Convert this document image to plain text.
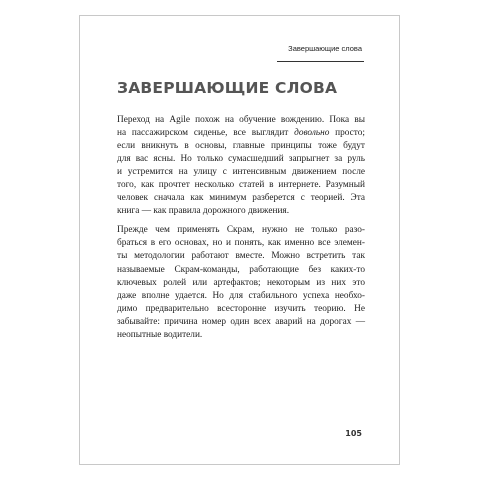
Завершающие слова
ЗАВЕРШАЮЩИЕ СЛОВА
Переход на Agile похож на обучение вождению. Пока вы
на пассажирском сиденье, все выглядит довольно просто;
если вникнуть в основы, главные принципы тоже будут
для вас ясны. Но только сумасшедший запрыгнет за руль
и устремится на улицу с интенсивным движением после
того, как прочтет несколько статей в интернете. Разумный
человек сначала как минимум разберется с теорией. Эта
книга — как правила дорожного движения.
Прежде чем применять Скрам, нужно не только разо-
браться в его основах, но и понять, как именно все элемен-
ты методологии работают вместе. Можно встретить так
называемые Скрам-команды, работающие без каких-то
ключевых ролей или артефактов; некоторым из них это
даже вполне удается. Но для стабильного успеха необхо-
димо предварительно всесторонне изучить теорию. Не
забывайте: причина номер один всех аварий на дорогах —
неопытные водители.
105
